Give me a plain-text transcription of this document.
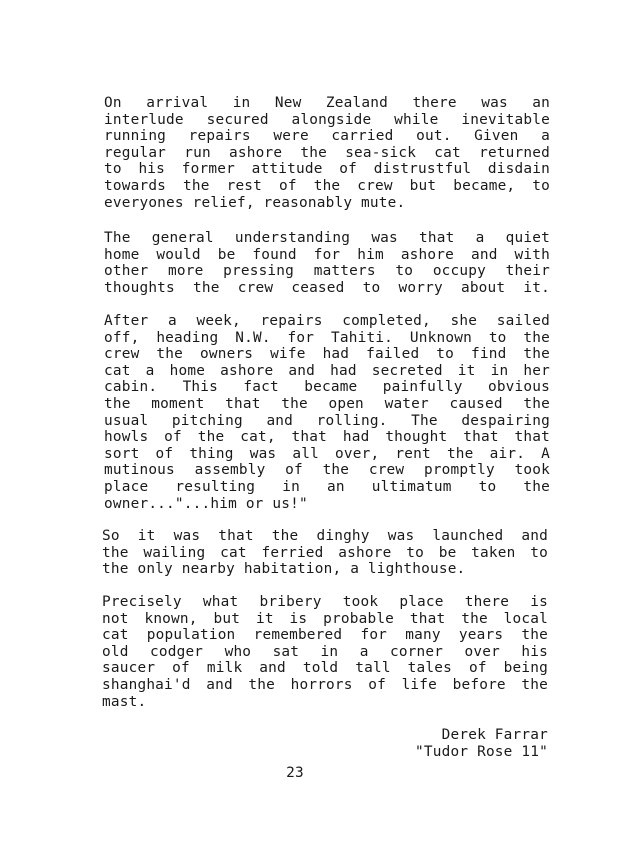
On arrival in New Zealand there was an
interlude secured alongside while inevitable
running repairs were carried out. Given a
regular run ashore the sea-sick cat returned
to his former attitude of distrustful disdain
towards the rest of the crew but became, to
everyones relief, reasonably mute.
The general understanding was that a quiet
home would be found for him ashore and with
other more pressing matters to occupy their
thoughts the crew ceased to worry about it.
After a week, repairs completed, she sailed
off, heading N.W. for Tahiti. Unknown to the
crew the owners wife had failed to find the
cat a home ashore and had secreted it in her
cabin. This fact became painfully obvious
the moment that the open water caused the
usual pitching and rolling. The despairing
howls of the cat, that had thought that that
sort of thing was all over, rent the air. A
mutinous assembly of the crew promptly took
place resulting in an ultimatum to the
owner..."...him or us!"
So it was that the dinghy was launched and
the wailing cat ferried ashore to be taken to
the only nearby habitation, a lighthouse.
Precisely what bribery took place there is
not known, but it is probable that the local
cat population remembered for many years the
old codger who sat in a corner over his
saucer of milk and told tall tales of being
shanghai'd and the horrors of life before the
mast.
Derek Farrar
"Tudor Rose 11"
23
